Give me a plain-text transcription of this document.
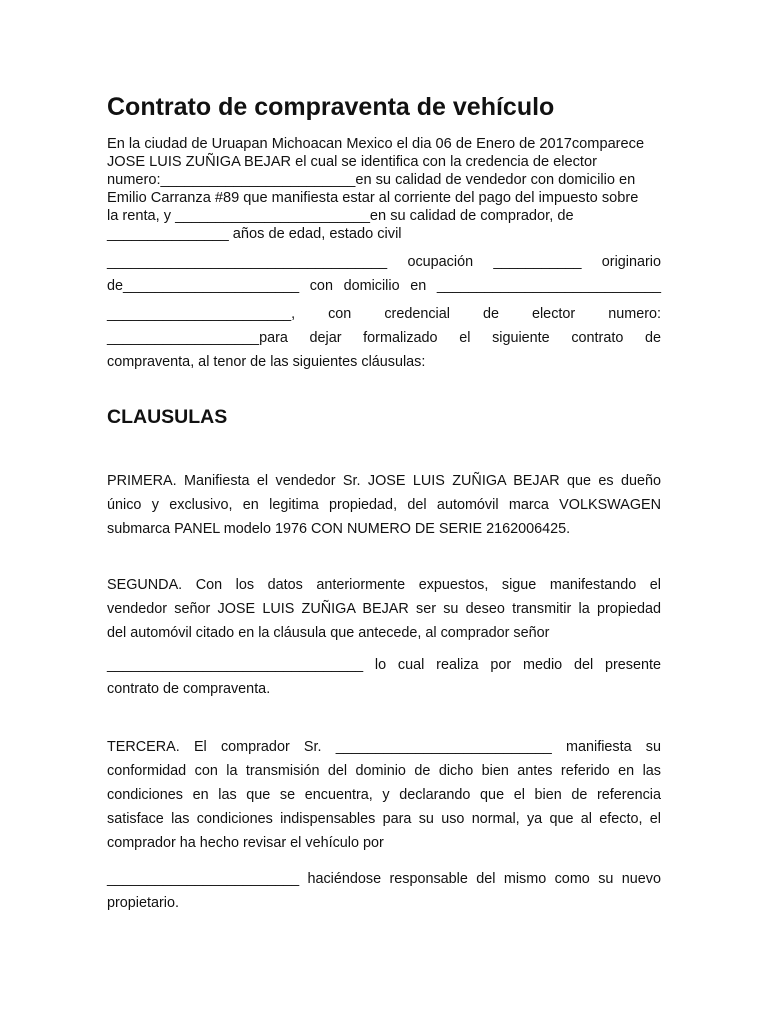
Contrato de compraventa de vehículo

En la ciudad de Uruapan Michoacan Mexico el dia 06 de Enero de 2017comparece

JOSE LUIS ZUÑIGA BEJAR el cual se identifica con la credencia de elector

numero:________________________en su calidad de vendedor con domicilio en

Emilio Carranza #89 que manifiesta estar al corriente del pago del impuesto sobre

la renta, y ________________________en su calidad de comprador, de

_______________ años de edad, estado civil

___________________________________ ocupación ___________ originario

de______________________ con domicilio en ____________________________

_______________________, con credencial de elector numero:

___________________para dejar formalizado el siguiente contrato de

compraventa, al tenor de las siguientes cláusulas:

CLAUSULAS

PRIMERA. Manifiesta el vendedor Sr. JOSE LUIS ZUÑIGA BEJAR que es dueño

único y exclusivo, en legitima propiedad, del automóvil marca VOLKSWAGEN

submarca PANEL modelo 1976 CON NUMERO DE SERIE 2162006425.

SEGUNDA. Con los datos anteriormente expuestos, sigue manifestando el

vendedor señor JOSE LUIS ZUÑIGA BEJAR ser su deseo transmitir la propiedad

del automóvil citado en la cláusula que antecede, al comprador señor

________________________________ lo cual realiza por medio del presente

contrato de compraventa.

TERCERA. El comprador Sr. ___________________________ manifiesta su

conformidad con la transmisión del dominio de dicho bien antes referido en las

condiciones en las que se encuentra, y declarando que el bien de referencia

satisface las condiciones indispensables para su uso normal, ya que al efecto, el

comprador ha hecho revisar el vehículo por

________________________ haciéndose responsable del mismo como su nuevo

propietario.
